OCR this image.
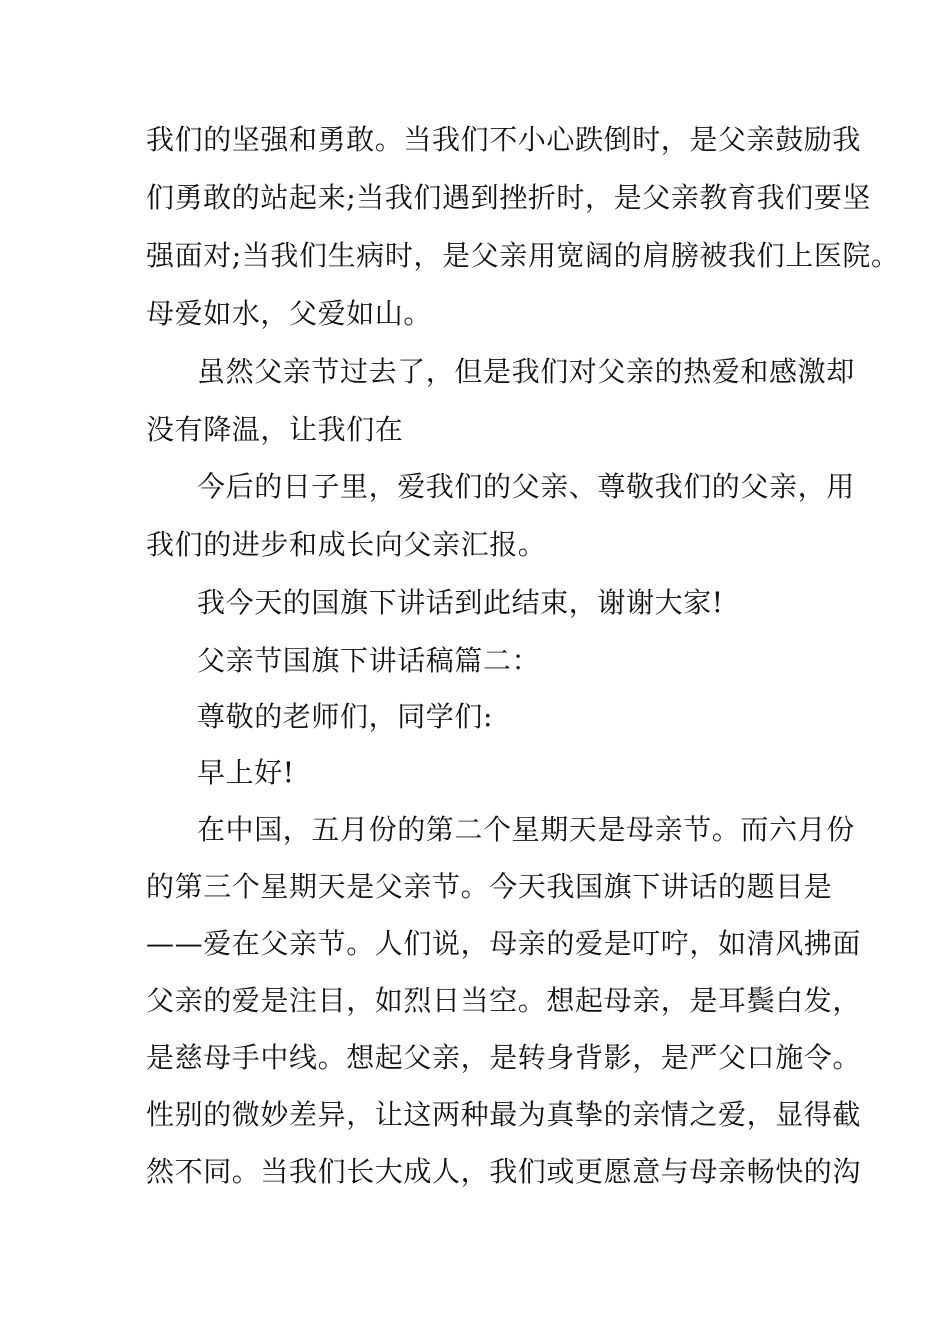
我们的坚强和勇敢。当我们不小心跌倒时，是父亲鼓励我
们勇敢的站起来;当我们遇到挫折时，是父亲教育我们要坚
强面对;当我们生病时，是父亲用宽阔的肩膀被我们上医院。
母爱如水，父爱如山。
虽然父亲节过去了，但是我们对父亲的热爱和感激却
没有降温，让我们在
今后的日子里，爱我们的父亲、尊敬我们的父亲，用
我们的进步和成长向父亲汇报。
我今天的国旗下讲话到此结束，谢谢大家!
父亲节国旗下讲话稿篇二：
尊敬的老师们，同学们:
早上好!
在中国，五月份的第二个星期天是母亲节。而六月份
的第三个星期天是父亲节。今天我国旗下讲话的题目是
——爱在父亲节。人们说，母亲的爱是叮咛，如清风拂面
父亲的爱是注目，如烈日当空。想起母亲，是耳鬓白发，
是慈母手中线。想起父亲，是转身背影，是严父口施令。
性别的微妙差异，让这两种最为真挚的亲情之爱，显得截
然不同。当我们长大成人，我们或更愿意与母亲畅快的沟
